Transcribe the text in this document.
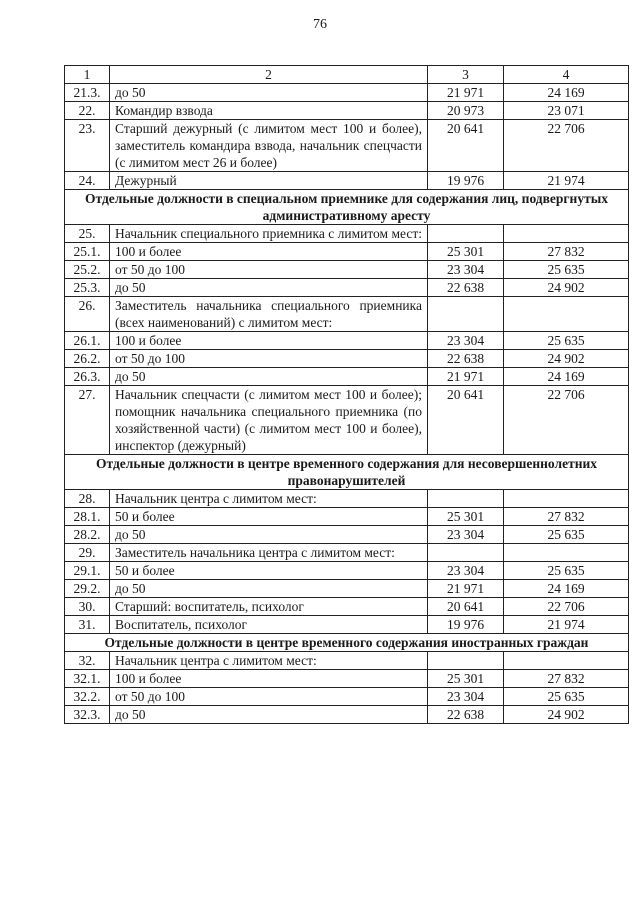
76
1	2	3	4
21.3.	до 50	21 971	24 169
22.	Командир взвода	20 973	23 071
23.	Старший дежурный (с лимитом мест 100 и более), заместитель командира взвода, начальник спецчасти (с лимитом мест 26 и более)	20 641	22 706
24.	Дежурный	19 976	21 974
Отдельные должности в специальном приемнике для содержания лиц, подвергнутых административному аресту			
25.	Начальник специального приемника с лимитом мест:		
25.1.	100 и более	25 301	27 832
25.2.	от 50 до 100	23 304	25 635
25.3.	до 50	22 638	24 902
26.	Заместитель начальника специального приемника (всех наименований) с лимитом мест:		
26.1.	100 и более	23 304	25 635
26.2.	от 50 до 100	22 638	24 902
26.3.	до 50	21 971	24 169
27.	Начальник спецчасти (с лимитом мест 100 и более); помощник начальника специального приемника (по хозяйственной части) (с лимитом мест 100 и более), инспектор (дежурный)	20 641	22 706
Отдельные должности в центре временного содержания для несовершеннолетних правонарушителей			
28.	Начальник центра с лимитом мест:		
28.1.	50 и более	25 301	27 832
28.2.	до 50	23 304	25 635
29.	Заместитель начальника центра с лимитом мест:		
29.1.	50 и более	23 304	25 635
29.2.	до 50	21 971	24 169
30.	Старший: воспитатель, психолог	20 641	22 706
31.	Воспитатель, психолог	19 976	21 974
Отдельные должности в центре временного содержания иностранных граждан			
32.	Начальник центра с лимитом мест:		
32.1.	100 и более	25 301	27 832
32.2.	от 50 до 100	23 304	25 635
32.3.	до 50	22 638	24 902
